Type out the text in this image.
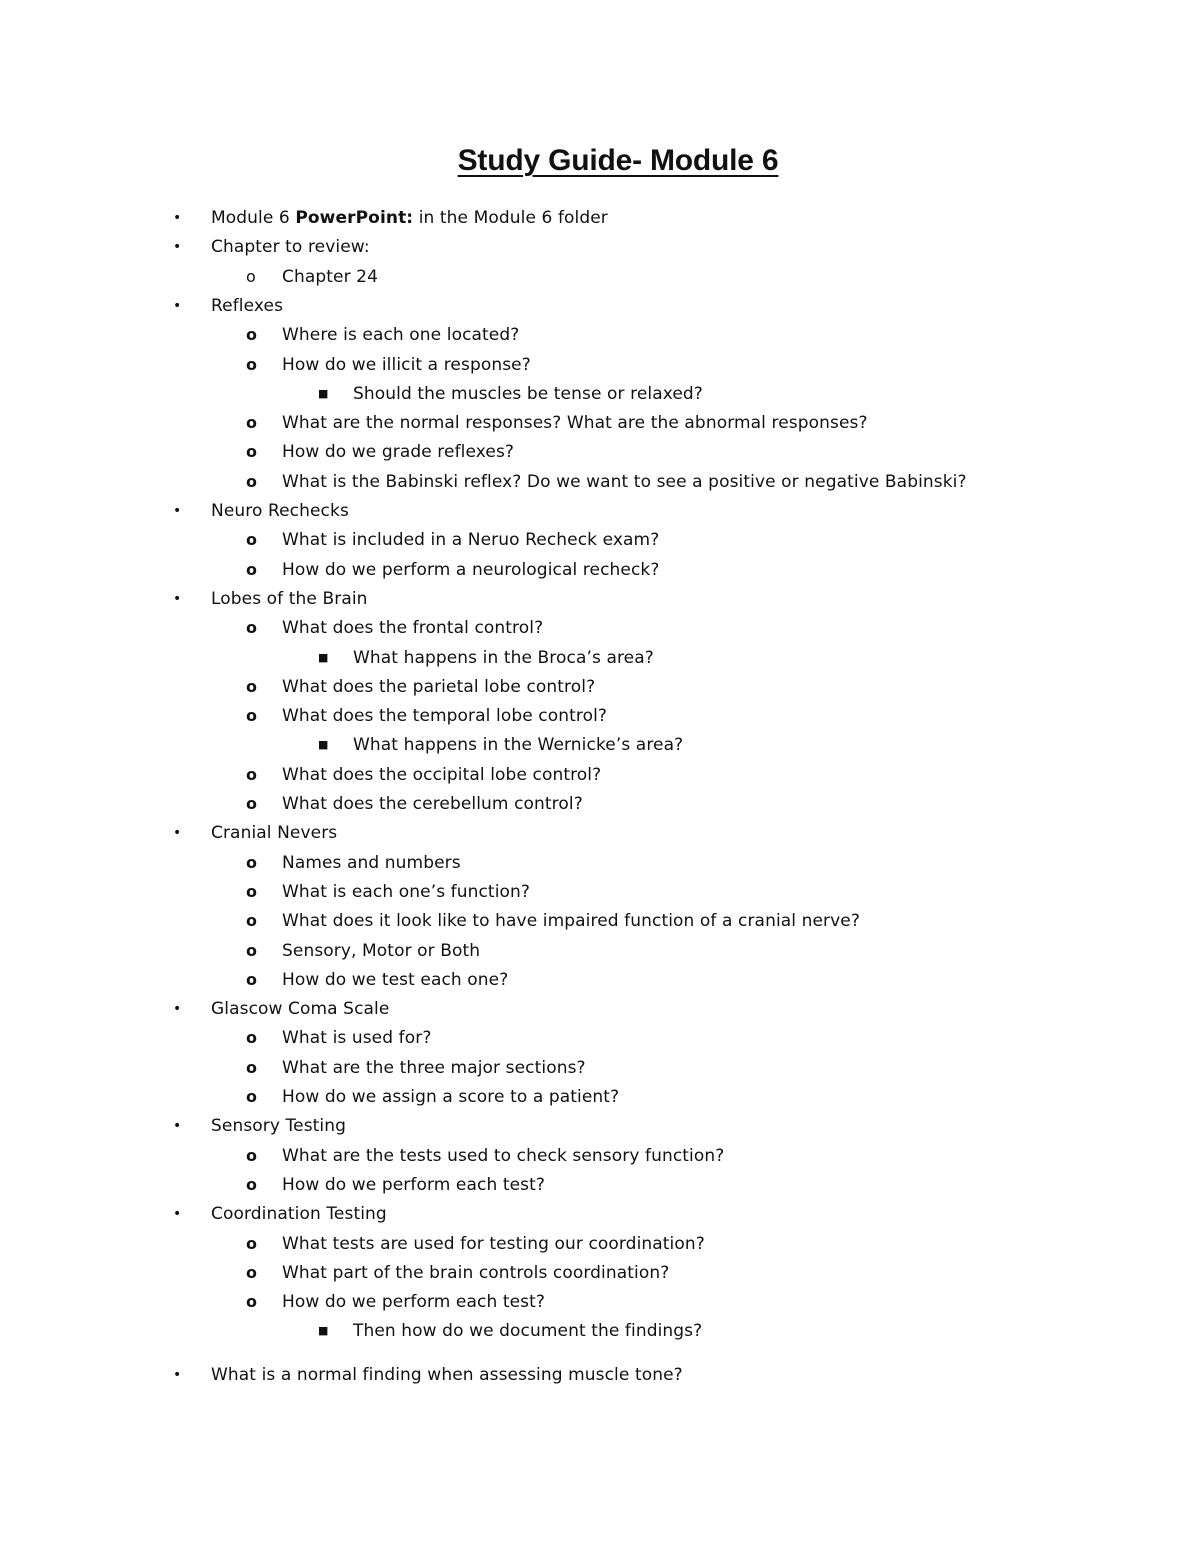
Study Guide- Module 6
• Module 6 PowerPoint: in the Module 6 folder
• Chapter to review:
o Chapter 24
• Reflexes
o Where is each one located?
o How do we illicit a response?
■ Should the muscles be tense or relaxed?
o What are the normal responses? What are the abnormal responses?
o How do we grade reflexes?
o What is the Babinski reflex? Do we want to see a positive or negative Babinski?
• Neuro Rechecks
o What is included in a Neruo Recheck exam?
o How do we perform a neurological recheck?
• Lobes of the Brain
o What does the frontal control?
■ What happens in the Broca’s area?
o What does the parietal lobe control?
o What does the temporal lobe control?
■ What happens in the Wernicke’s area?
o What does the occipital lobe control?
o What does the cerebellum control?
• Cranial Nevers
o Names and numbers
o What is each one’s function?
o What does it look like to have impaired function of a cranial nerve?
o Sensory, Motor or Both
o How do we test each one?
• Glascow Coma Scale
o What is used for?
o What are the three major sections?
o How do we assign a score to a patient?
• Sensory Testing
o What are the tests used to check sensory function?
o How do we perform each test?
• Coordination Testing
o What tests are used for testing our coordination?
o What part of the brain controls coordination?
o How do we perform each test?
■ Then how do we document the findings?
• What is a normal finding when assessing muscle tone?
